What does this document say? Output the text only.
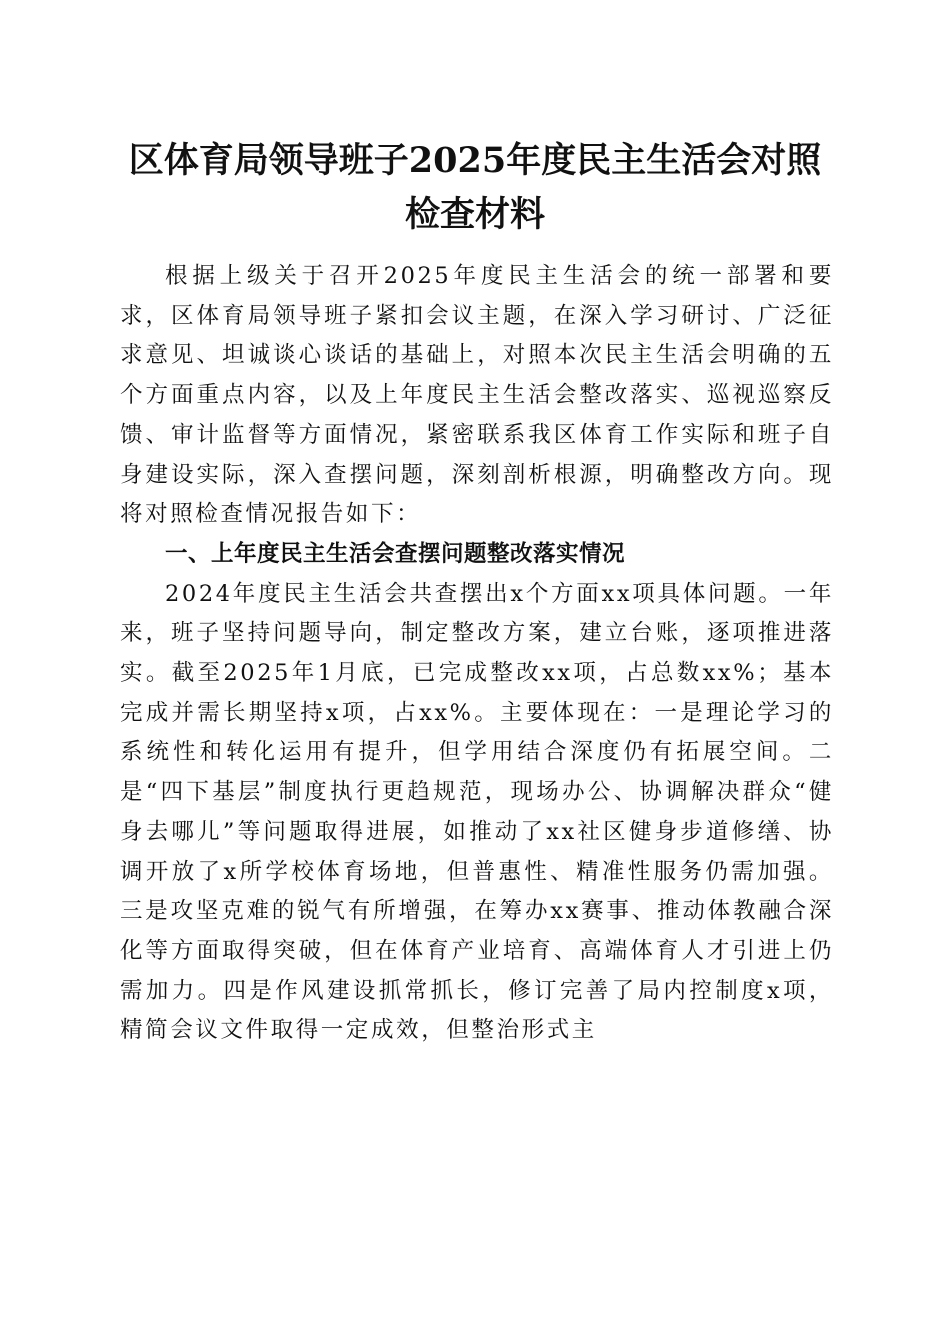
区体育局领导班子2025年度民主生活会对照
检查材料

根据上级关于召开2025年度民主生活会的统一部署和要求，区体育局领导班子紧扣会议主题，在深入学习研讨、广泛征求意见、坦诚谈心谈话的基础上，对照本次民主生活会明确的五个方面重点内容，以及上年度民主生活会整改落实、巡视巡察反馈、审计监督等方面情况，紧密联系我区体育工作实际和班子自身建设实际，深入查摆问题，深刻剖析根源，明确整改方向。现将对照检查情况报告如下：

一、上年度民主生活会查摆问题整改落实情况

2024年度民主生活会共查摆出x个方面xx项具体问题。一年来，班子坚持问题导向，制定整改方案，建立台账，逐项推进落实。截至2025年1月底，已完成整改xx项，占总数xx%；基本完成并需长期坚持x项，占xx%。主要体现在：一是理论学习的系统性和转化运用有提升，但学用结合深度仍有拓展空间。二是“四下基层”制度执行更趋规范，现场办公、协调解决群众“健身去哪儿”等问题取得进展，如推动了xx社区健身步道修缮、协调开放了x所学校体育场地，但普惠性、精准性服务仍需加强。三是攻坚克难的锐气有所增强，在筹办xx赛事、推动体教融合深化等方面取得突破，但在体育产业培育、高端体育人才引进上仍需加力。四是作风建设抓常抓长，修订完善了局内控制度x项，精简会议文件取得一定成效，但整治形式主
